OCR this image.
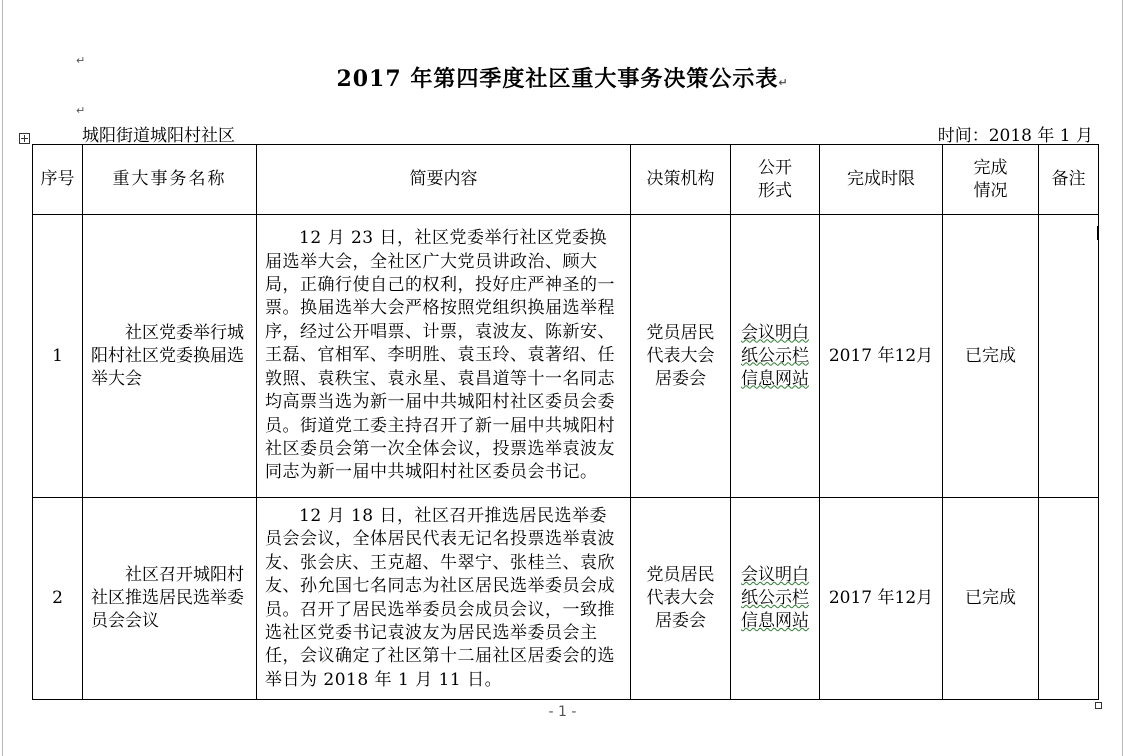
↵
↵
2017 年第四季度社区重大事务决策公示表↵
城阳街道城阳村社区	时间：2018 年 1 月
序号	重大事务名称	简要内容	决策机构	公开形式	完成时限	完成情况	备注
1	社区党委举行城阳村社区党委换届选举大会	12 月 23 日，社区党委举行社区党委换届选举大会，全社区广大党员讲政治、顾大局，正确行使自己的权利，投好庄严神圣的一票。换届选举大会严格按照党组织换届选举程序，经过公开唱票、计票，袁波友、陈新安、王磊、官相军、李明胜、袁玉玲、袁著绍、任敦照、袁秩宝、袁永星、袁昌道等十一名同志均高票当选为新一届中共城阳村社区委员会委员。街道党工委主持召开了新一届中共城阳村社区委员会第一次全体会议，投票选举袁波友同志为新一届中共城阳村社区委员会书记。	党员居民代表大会居委会	会议明白纸公示栏信息网站	2017 年12月	已完成	
2	社区召开城阳村社区推选居民选举委员会会议	12 月 18 日，社区召开推选居民选举委员会会议，全体居民代表无记名投票选举袁波友、张会庆、王克超、牛翠宁、张桂兰、袁欣友、孙允国七名同志为社区居民选举委员会成员。召开了居民选举委员会成员会议，一致推选社区党委书记袁波友为居民选举委员会主任，会议确定了社区第十二届社区居委会的选举日为 2018 年 1 月 11 日。	党员居民代表大会居委会	会议明白纸公示栏信息网站	2017 年12月	已完成	
- 1 -
